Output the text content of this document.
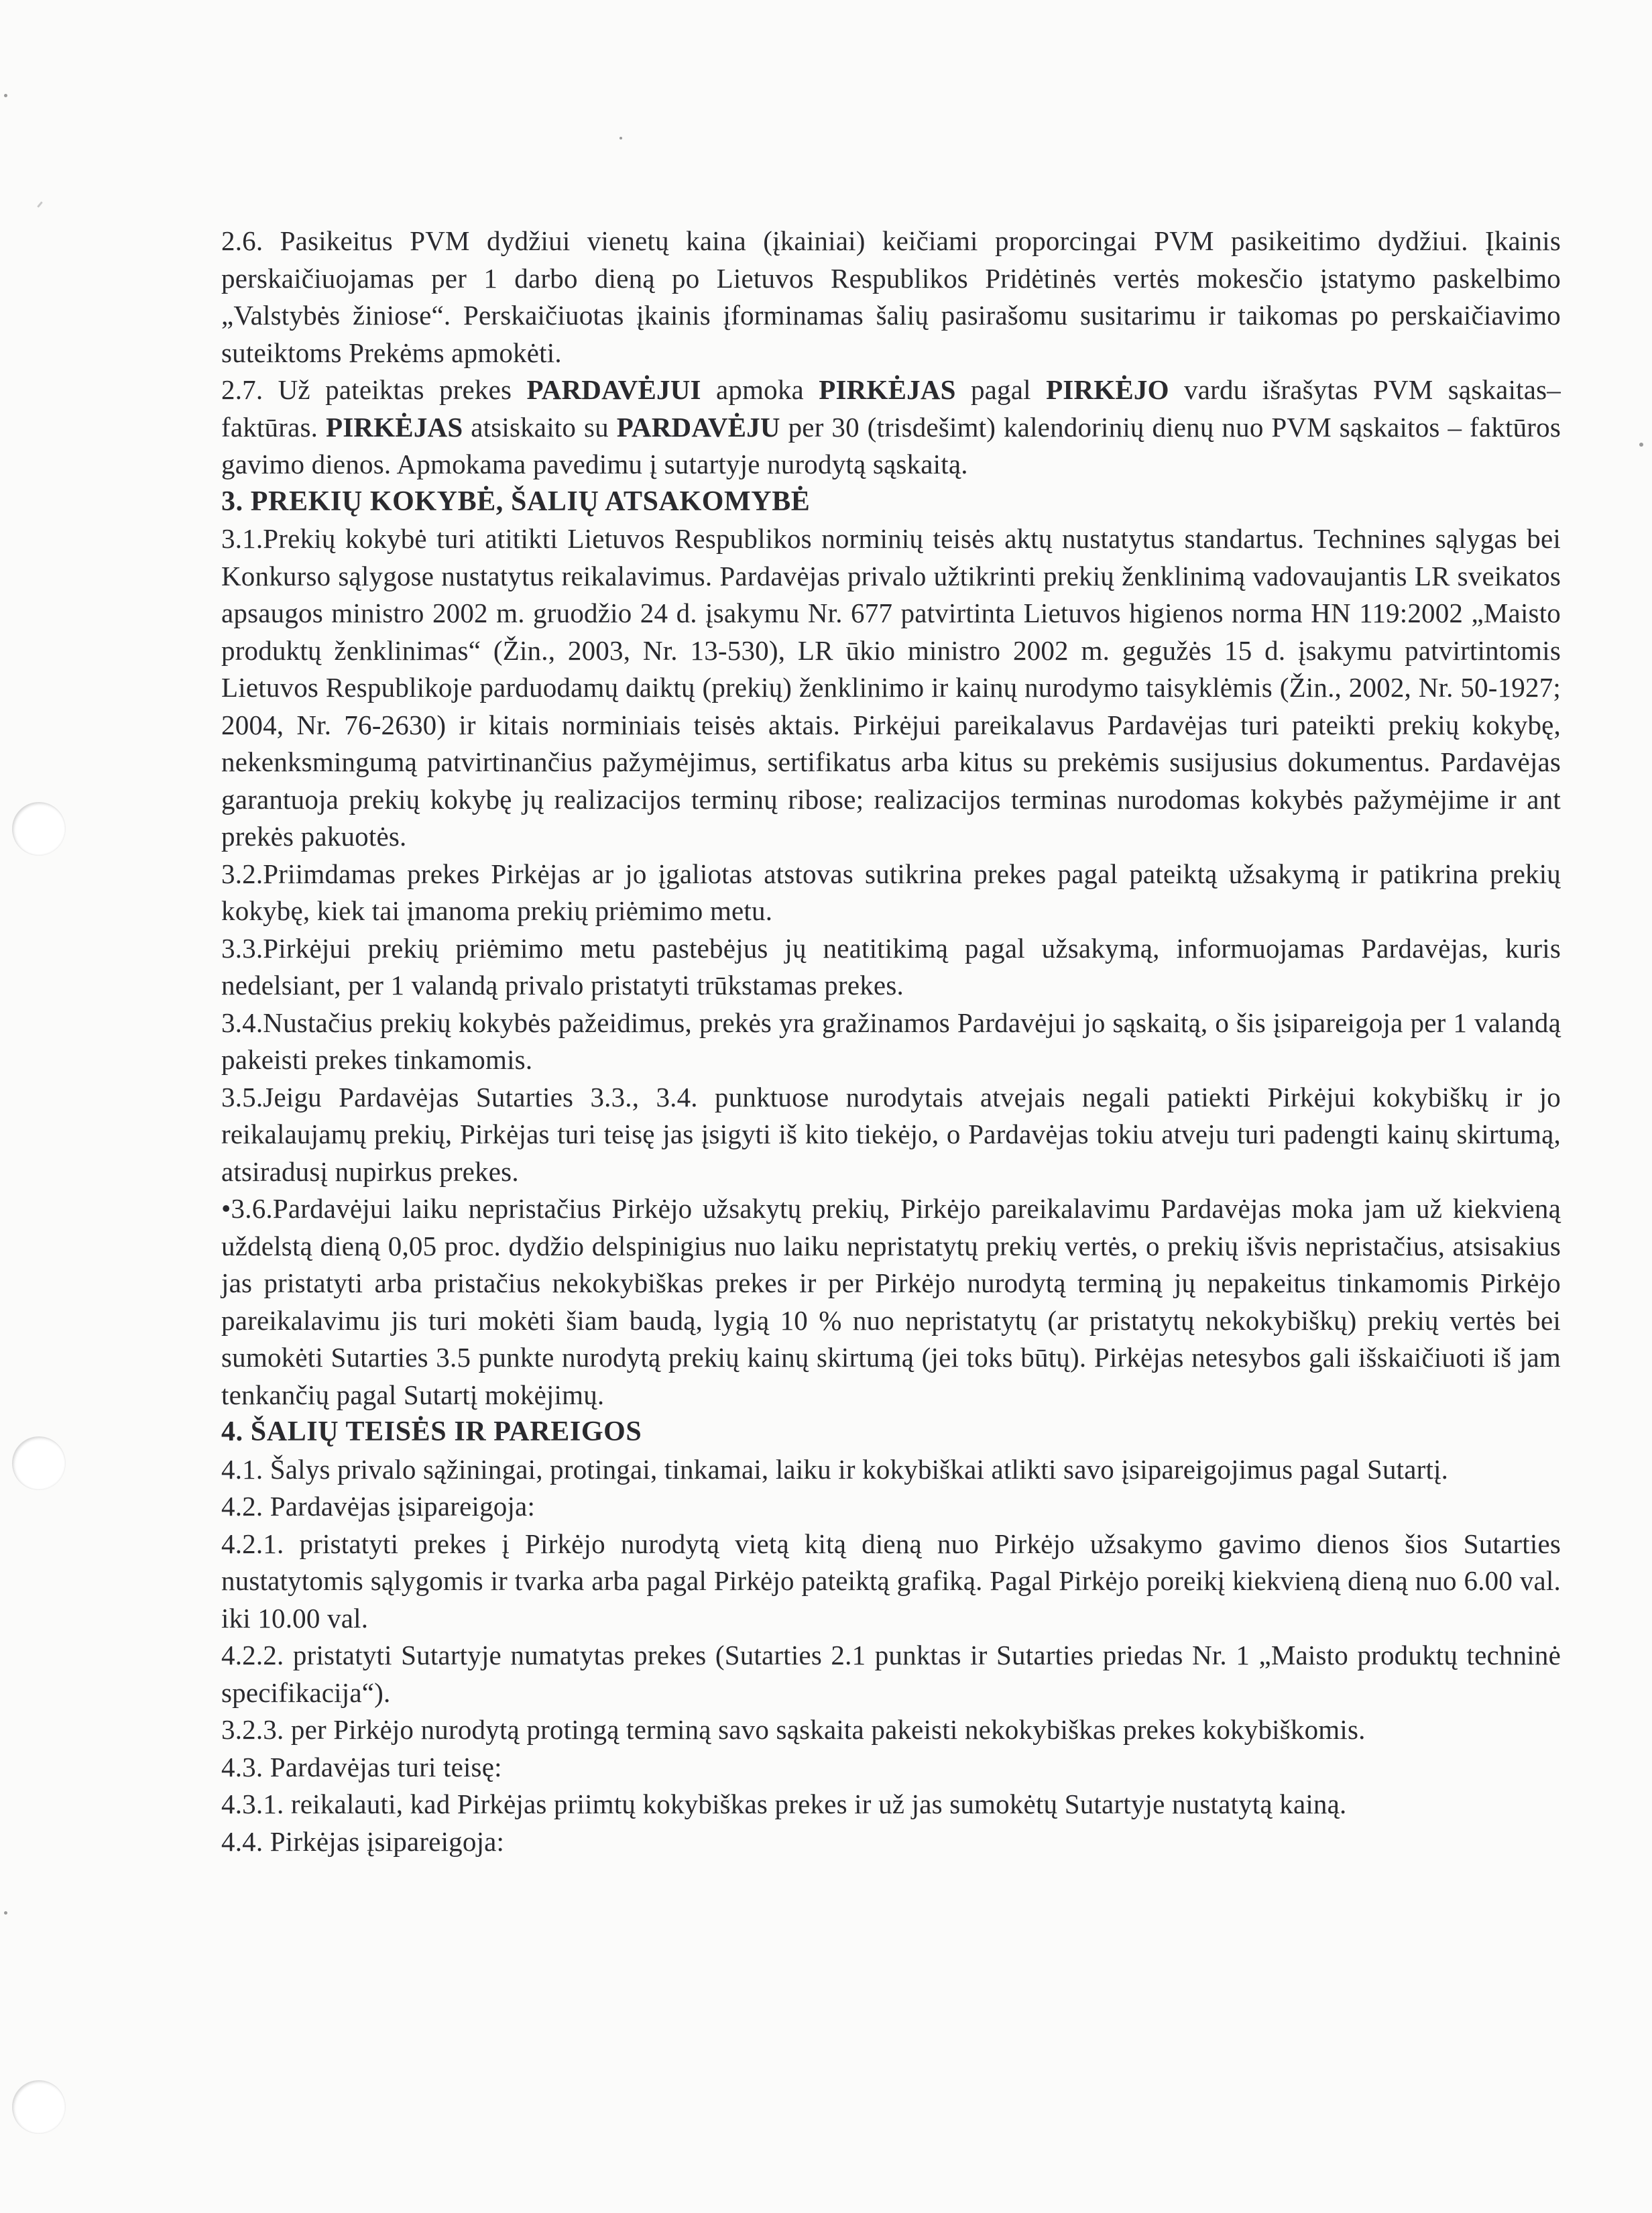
2.6. Pasikeitus PVM dydžiui vienetų kaina (įkainiai) keičiami proporcingai PVM pasikeitimo dydžiui. Įkainis perskaičiuojamas per 1 darbo dieną po Lietuvos Respublikos Pridėtinės vertės mokesčio įstatymo paskelbimo „Valstybės žiniose“. Perskaičiuotas įkainis įforminamas šalių pasirašomu susitarimu ir taikomas po perskaičiavimo suteiktoms Prekėms apmokėti.

2.7. Už pateiktas prekes PARDAVĖJUI apmoka PIRKĖJAS pagal PIRKĖJO vardu išrašytas PVM sąskaitas–faktūras. PIRKĖJAS atsiskaito su PARDAVĖJU per 30 (trisdešimt) kalendorinių dienų nuo PVM sąskaitos – faktūros gavimo dienos. Apmokama pavedimu į sutartyje nurodytą sąskaitą.

3. PREKIŲ KOKYBĖ, ŠALIŲ ATSAKOMYBĖ

3.1.Prekių kokybė turi atitikti Lietuvos Respublikos norminių teisės aktų nustatytus standartus. Technines sąlygas bei Konkurso sąlygose nustatytus reikalavimus. Pardavėjas privalo užtikrinti prekių ženklinimą vadovaujantis LR sveikatos apsaugos ministro 2002 m. gruodžio 24 d. įsakymu Nr. 677 patvirtinta Lietuvos higienos norma HN 119:2002 „Maisto produktų ženklinimas“ (Žin., 2003, Nr. 13-530), LR ūkio ministro 2002 m. gegužės 15 d. įsakymu patvirtintomis Lietuvos Respublikoje parduodamų daiktų (prekių) ženklinimo ir kainų nurodymo taisyklėmis (Žin., 2002, Nr. 50-1927; 2004, Nr. 76-2630) ir kitais norminiais teisės aktais. Pirkėjui pareikalavus Pardavėjas turi pateikti prekių kokybę, nekenksmingumą patvirtinančius pažymėjimus, sertifikatus arba kitus su prekėmis susijusius dokumentus. Pardavėjas garantuoja prekių kokybę jų realizacijos terminų ribose; realizacijos terminas nurodomas kokybės pažymėjime ir ant prekės pakuotės.

3.2.Priimdamas prekes Pirkėjas ar jo įgaliotas atstovas sutikrina prekes pagal pateiktą užsakymą ir patikrina prekių kokybę, kiek tai įmanoma prekių priėmimo metu.

3.3.Pirkėjui prekių priėmimo metu pastebėjus jų neatitikimą pagal užsakymą, informuojamas Pardavėjas, kuris nedelsiant, per 1 valandą privalo pristatyti trūkstamas prekes.

3.4.Nustačius prekių kokybės pažeidimus, prekės yra gražinamos Pardavėjui jo sąskaitą, o šis įsipareigoja per 1 valandą pakeisti prekes tinkamomis.

3.5.Jeigu Pardavėjas Sutarties 3.3., 3.4. punktuose nurodytais atvejais negali patiekti Pirkėjui kokybiškų ir jo reikalaujamų prekių, Pirkėjas turi teisę jas įsigyti iš kito tiekėjo, o Pardavėjas tokiu atveju turi padengti kainų skirtumą, atsiradusį nupirkus prekes.

•3.6.Pardavėjui laiku nepristačius Pirkėjo užsakytų prekių, Pirkėjo pareikalavimu Pardavėjas moka jam už kiekvieną uždelstą dieną 0,05 proc. dydžio delspinigius nuo laiku nepristatytų prekių vertės, o prekių išvis nepristačius, atsisakius jas pristatyti arba pristačius nekokybiškas prekes ir per Pirkėjo nurodytą terminą jų nepakeitus tinkamomis Pirkėjo pareikalavimu jis turi mokėti šiam baudą, lygią 10 % nuo nepristatytų (ar pristatytų nekokybiškų) prekių vertės bei sumokėti Sutarties 3.5 punkte nurodytą prekių kainų skirtumą (jei toks būtų). Pirkėjas netesybos gali išskaičiuoti iš jam tenkančių pagal Sutartį mokėjimų.

4. ŠALIŲ TEISĖS IR PAREIGOS

4.1. Šalys privalo sąžiningai, protingai, tinkamai, laiku ir kokybiškai atlikti savo įsipareigojimus pagal Sutartį.

4.2. Pardavėjas įsipareigoja:

4.2.1. pristatyti prekes į Pirkėjo nurodytą vietą kitą dieną nuo Pirkėjo užsakymo gavimo dienos šios Sutarties nustatytomis sąlygomis ir tvarka arba pagal Pirkėjo pateiktą grafiką. Pagal Pirkėjo poreikį kiekvieną dieną nuo 6.00 val. iki 10.00 val.

4.2.2. pristatyti Sutartyje numatytas prekes (Sutarties 2.1 punktas ir Sutarties priedas Nr. 1 „Maisto produktų techninė specifikacija“).

3.2.3. per Pirkėjo nurodytą protingą terminą savo sąskaita pakeisti nekokybiškas prekes kokybiškomis.

4.3. Pardavėjas turi teisę:

4.3.1. reikalauti, kad Pirkėjas priimtų kokybiškas prekes ir už jas sumokėtų Sutartyje nustatytą kainą.

4.4. Pirkėjas įsipareigoja:
